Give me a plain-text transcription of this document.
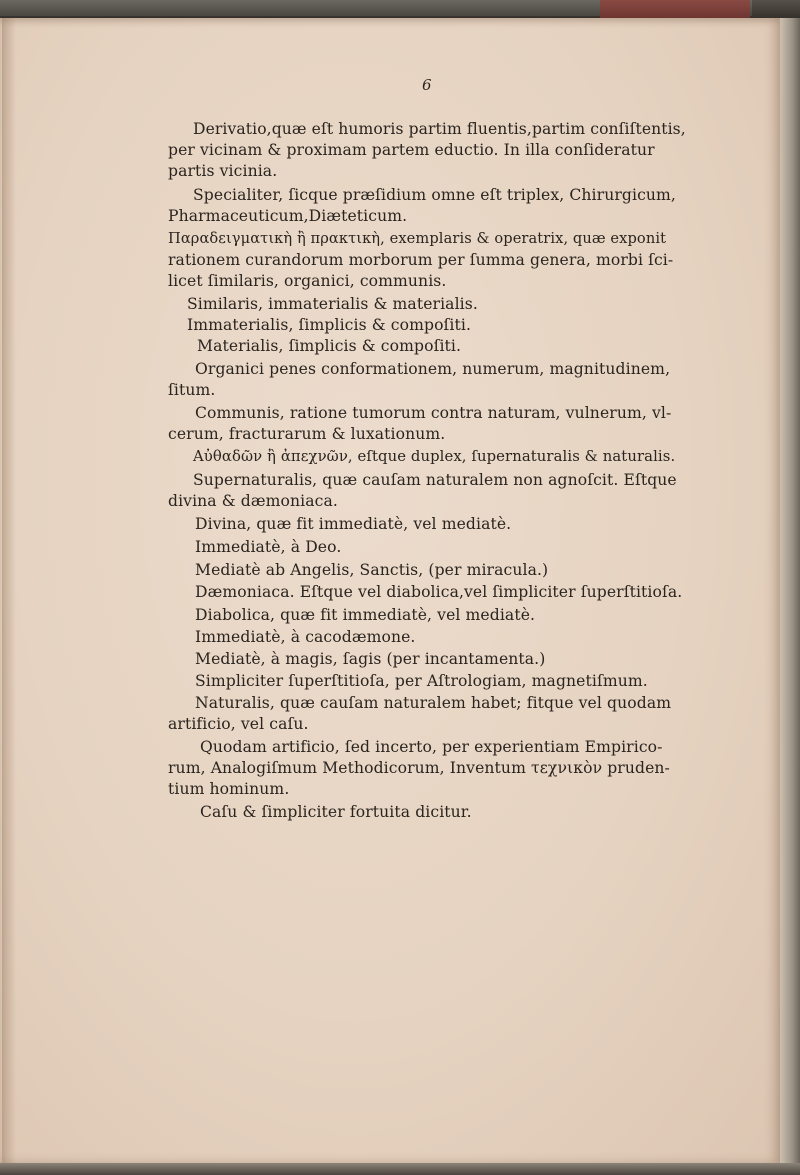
6
Derivatio,quæ eſt humoris partim fluentis,partim conſiſtentis,
per vicinam & proximam partem eductio. In illa conſideratur
partis vicinia.
Specialiter, ſicque præſidium omne eſt triplex, Chirurgicum,
Pharmaceuticum,Diæteticum.
Παραδειγματικὴ ἢ πρακτικὴ, exemplaris & operatrix, quæ exponit
rationem curandorum morborum per ſumma genera, morbi ſci-
licet ſimilaris, organici, communis.
Similaris, immaterialis & materialis.
Immaterialis, ſimplicis & compoſiti.
Materialis, ſimplicis & compoſiti.
Organici penes conformationem, numerum, magnitudinem,
ſitum.
Communis, ratione tumorum contra naturam, vulnerum, vl-
cerum, fracturarum & luxationum.
Αὐθαδῶν ἢ ἀπεχνῶν, eſtque duplex, ſupernaturalis & naturalis.
Supernaturalis, quæ cauſam naturalem non agnoſcit. Eſtque
divina & dæmoniaca.
Divina, quæ fit immediatè, vel mediatè.
Immediatè, à Deo.
Mediatè ab Angelis, Sanctis, (per miracula.)
Dæmoniaca. Eſtque vel diabolica,vel ſimpliciter ſuperſtitioſa.
Diabolica, quæ fit immediatè, vel mediatè.
Immediatè, à cacodæmone.
Mediatè, à magis, ſagis (per incantamenta.)
Simpliciter ſuperſtitioſa, per Aſtrologiam, magnetiſmum.
Naturalis, quæ cauſam naturalem habet; fitque vel quodam
artificio, vel caſu.
Quodam artificio, ſed incerto, per experientiam Empirico-
rum, Analogiſmum Methodicorum, Inventum τεχνικὸν pruden-
tium hominum.
Caſu & ſimpliciter fortuita dicitur.
